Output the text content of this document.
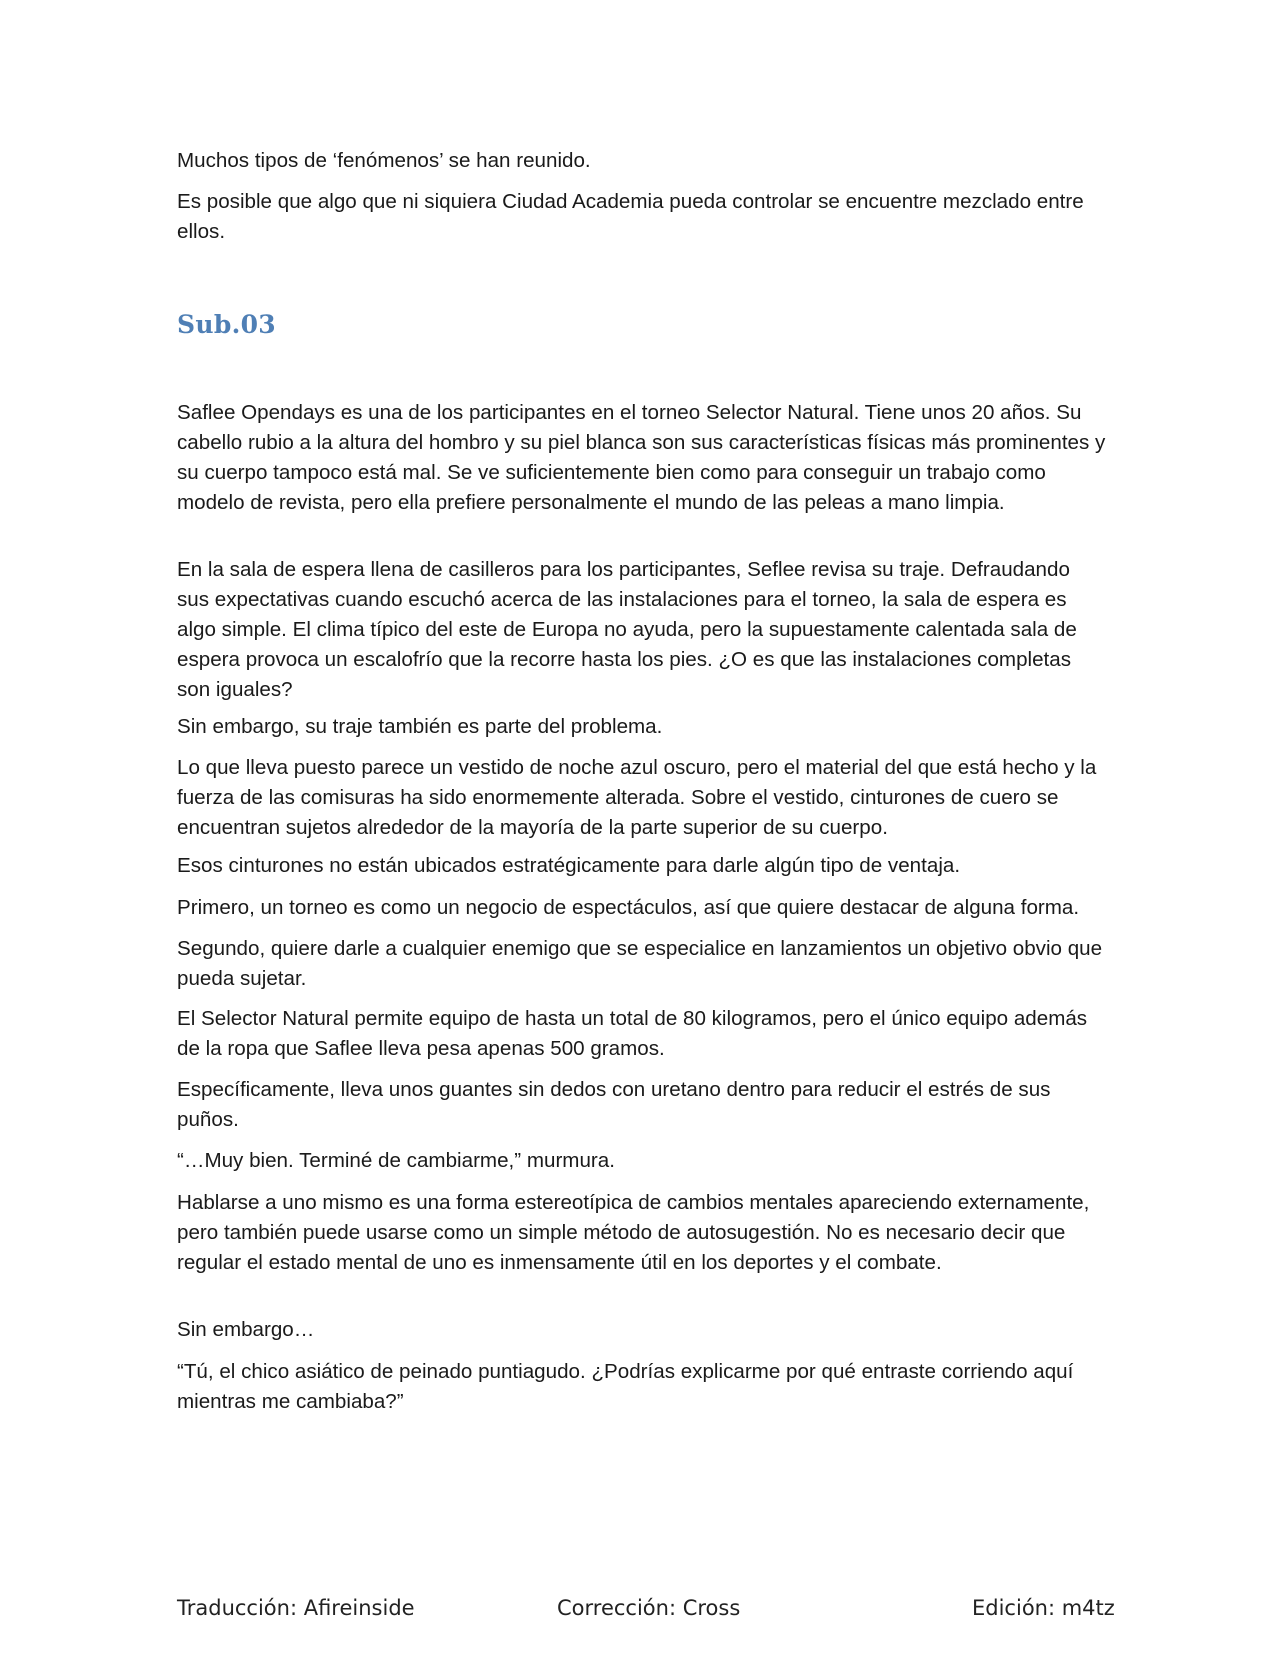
Muchos tipos de ‘fenómenos’ se han reunido.

Es posible que algo que ni siquiera Ciudad Academia pueda controlar se encuentre mezclado entre ellos.

Sub.03

Saflee Opendays es una de los participantes en el torneo Selector Natural. Tiene unos 20 años. Su cabello rubio a la altura del hombro y su piel blanca son sus características físicas más prominentes y su cuerpo tampoco está mal. Se ve suficientemente bien como para conseguir un trabajo como modelo de revista, pero ella prefiere personalmente el mundo de las peleas a mano limpia.

En la sala de espera llena de casilleros para los participantes, Seflee revisa su traje. Defraudando sus expectativas cuando escuchó acerca de las instalaciones para el torneo, la sala de espera es algo simple. El clima típico del este de Europa no ayuda, pero la supuestamente calentada sala de espera provoca un escalofrío que la recorre hasta los pies. ¿O es que las instalaciones completas son iguales?

Sin embargo, su traje también es parte del problema.

Lo que lleva puesto parece un vestido de noche azul oscuro, pero el material del que está hecho y la fuerza de las comisuras ha sido enormemente alterada. Sobre el vestido, cinturones de cuero se encuentran sujetos alrededor de la mayoría de la parte superior de su cuerpo.

Esos cinturones no están ubicados estratégicamente para darle algún tipo de ventaja.

Primero, un torneo es como un negocio de espectáculos, así que quiere destacar de alguna forma.

Segundo, quiere darle a cualquier enemigo que se especialice en lanzamientos un objetivo obvio que pueda sujetar.

El Selector Natural permite equipo de hasta un total de 80 kilogramos, pero el único equipo además de la ropa que Saflee lleva pesa apenas 500 gramos.

Específicamente, lleva unos guantes sin dedos con uretano dentro para reducir el estrés de sus puños.

“…Muy bien. Terminé de cambiarme,” murmura.

Hablarse a uno mismo es una forma estereotípica de cambios mentales apareciendo externamente, pero también puede usarse como un simple método de autosugestión. No es necesario decir que regular el estado mental de uno es inmensamente útil en los deportes y el combate.

Sin embargo…

“Tú, el chico asiático de peinado puntiagudo. ¿Podrías explicarme por qué entraste corriendo aquí mientras me cambiaba?”

Traducción: Afireinside	Corrección: Cross	Edición: m4tz
